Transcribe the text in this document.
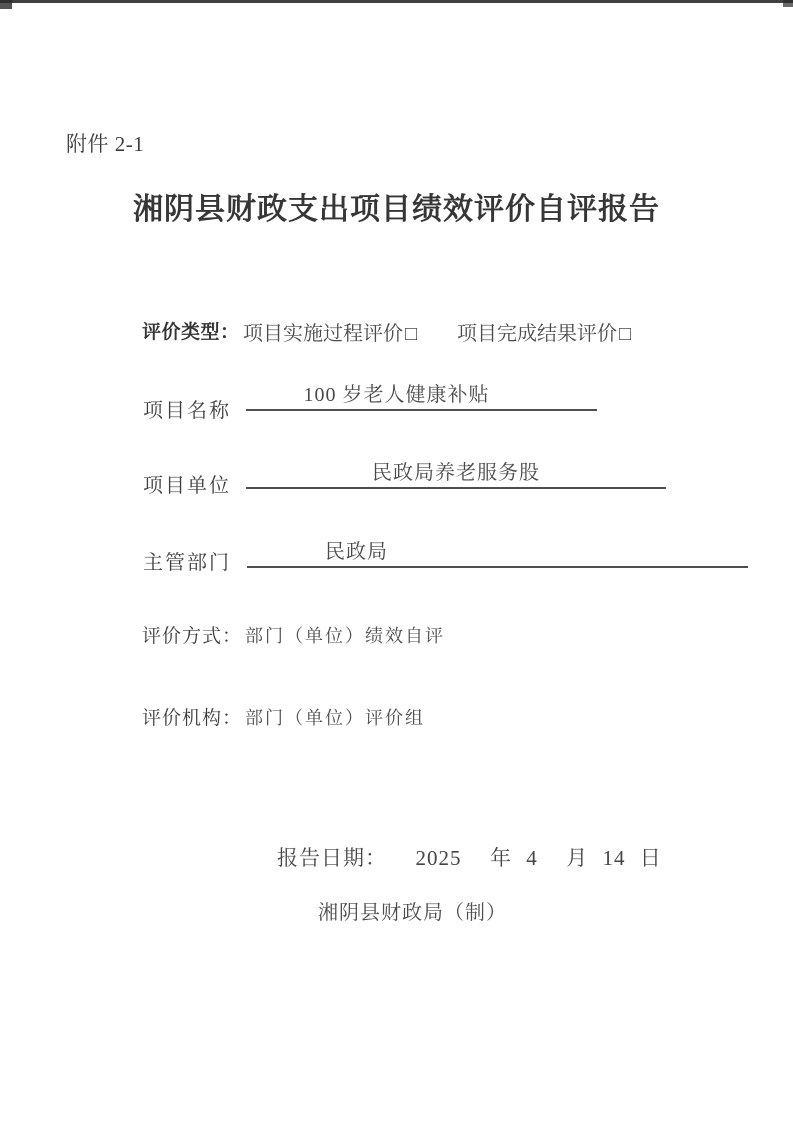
附件 2-1
湘阴县财政支出项目绩效评价自评报告
评价类型： 项目实施过程评价 □ 项目完成结果评价 □
项目名称
100 岁老人健康补贴
项目单位
民政局养老服务股
主管部门	民政局
评价方式： 部门（单位）绩效自评
评价机构： 部门（单位）评价组
报告日期：  2025  年 4  月 14 日
湘阴县财政局（制）
